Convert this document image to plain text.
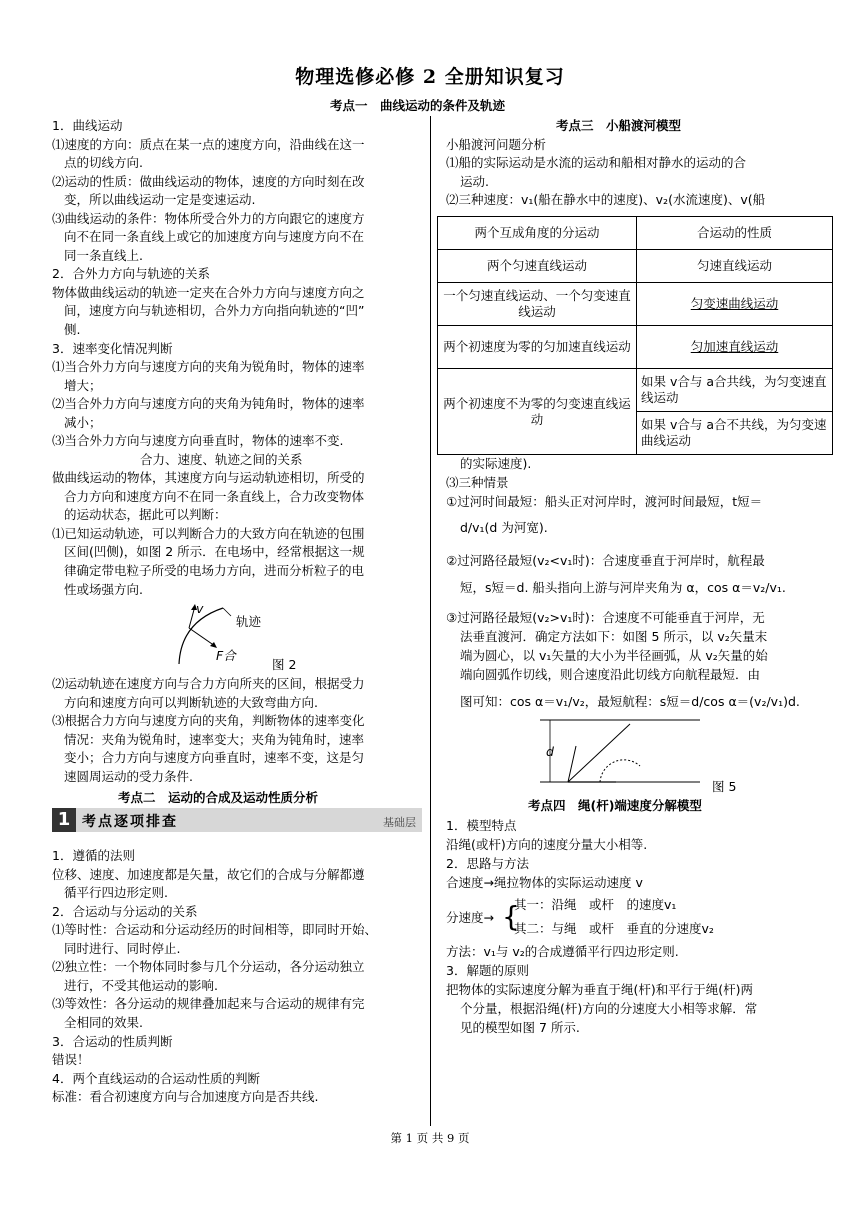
物理选修必修 2 全册知识复习
考点一　曲线运动的条件及轨迹
1．曲线运动
⑴速度的方向：质点在某一点的速度方向，沿曲线在这一
点的切线方向.
⑵运动的性质：做曲线运动的物体，速度的方向时刻在改
变，所以曲线运动一定是变速运动.
⑶曲线运动的条件：物体所受合外力的方向跟它的速度方
向不在同一条直线上或它的加速度方向与速度方向不在
同一条直线上.
2．合外力方向与轨迹的关系
物体做曲线运动的轨迹一定夹在合外力方向与速度方向之
间，速度方向与轨迹相切，合外力方向指向轨迹的“凹”
侧.
3．速率变化情况判断
⑴当合外力方向与速度方向的夹角为锐角时，物体的速率
增大；
⑵当合外力方向与速度方向的夹角为钝角时，物体的速率
减小；
⑶当合外力方向与速度方向垂直时，物体的速率不变.
合力、速度、轨迹之间的关系
做曲线运动的物体，其速度方向与运动轨迹相切，所受的
合力方向和速度方向不在同一条直线上，合力改变物体
的运动状态，据此可以判断：
⑴已知运动轨迹，可以判断合力的大致方向在轨迹的包围
区间(凹侧)，如图 2 所示．在电场中，经常根据这一规
律确定带电粒子所受的电场力方向，进而分析粒子的电
性或场强方向.
v
轨迹
F合
图 2
⑵运动轨迹在速度方向与合力方向所夹的区间，根据受力
方向和速度方向可以判断轨迹的大致弯曲方向.
⑶根据合力方向与速度方向的夹角，判断物体的速率变化
情况：夹角为锐角时，速率变大；夹角为钝角时，速率
变小；合力方向与速度方向垂直时，速率不变，这是匀
速圆周运动的受力条件.
考点二　运动的合成及运动性质分析
1 考点逐项排查	基础层
1．遵循的法则
位移、速度、加速度都是矢量，故它们的合成与分解都遵
循平行四边形定则.
2．合运动与分运动的关系
⑴等时性：合运动和分运动经历的时间相等，即同时开始、
同时进行、同时停止.
⑵独立性：一个物体同时参与几个分运动，各分运动独立
进行，不受其他运动的影响.
⑶等效性：各分运动的规律叠加起来与合运动的规律有完
全相同的效果.
3．合运动的性质判断
错误！
4．两个直线运动的合运动性质的判断
标准：看合初速度方向与合加速度方向是否共线.
考点三　小船渡河模型
小船渡河问题分析
⑴船的实际运动是水流的运动和船相对静水的运动的合
运动.
⑵三种速度：v₁(船在静水中的速度)、v₂(水流速度)、v(船
两个互成角度的分运动	合运动的性质
两个匀速直线运动	匀速直线运动
一个匀速直线运动、一个匀变速直线运动	匀变速曲线运动
两个初速度为零的匀加速直线运动	匀加速直线运动
两个初速度不为零的匀变速直线运动	如果 v合与 a合共线，为匀变速直线运动
	如果 v合与 a合不共线，为匀变速曲线运动
的实际速度).
⑶三种情景
①过河时间最短：船头正对河岸时，渡河时间最短，t短＝
d/v₁(d 为河宽).
②过河路径最短(v₂<v₁时)：合速度垂直于河岸时，航程最
短，s短＝d. 船头指向上游与河岸夹角为 α，cos α＝v₂/v₁.
③过河路径最短(v₂>v₁时)：合速度不可能垂直于河岸，无
法垂直渡河．确定方法如下：如图 5 所示，以 v₂矢量末
端为圆心，以 v₁矢量的大小为半径画弧，从 v₂矢量的始
端向圆弧作切线，则合速度沿此切线方向航程最短．由
图可知：cos α＝v₁/v₂，最短航程：s短＝d/cos α＝(v₂/v₁)d.
d
图 5
考点四　绳(杆)端速度分解模型
1．模型特点
沿绳(或杆)方向的速度分量大小相等.
2．思路与方法
合速度→绳拉物体的实际运动速度 v
分速度→ {
其一：沿绳　或杆　的速度v₁
其二：与绳　或杆　垂直的分速度v₂
方法：v₁与 v₂的合成遵循平行四边形定则.
3．解题的原则
把物体的实际速度分解为垂直于绳(杆)和平行于绳(杆)两
个分量，根据沿绳(杆)方向的分速度大小相等求解．常
见的模型如图 7 所示.
第 1 页 共 9 页
